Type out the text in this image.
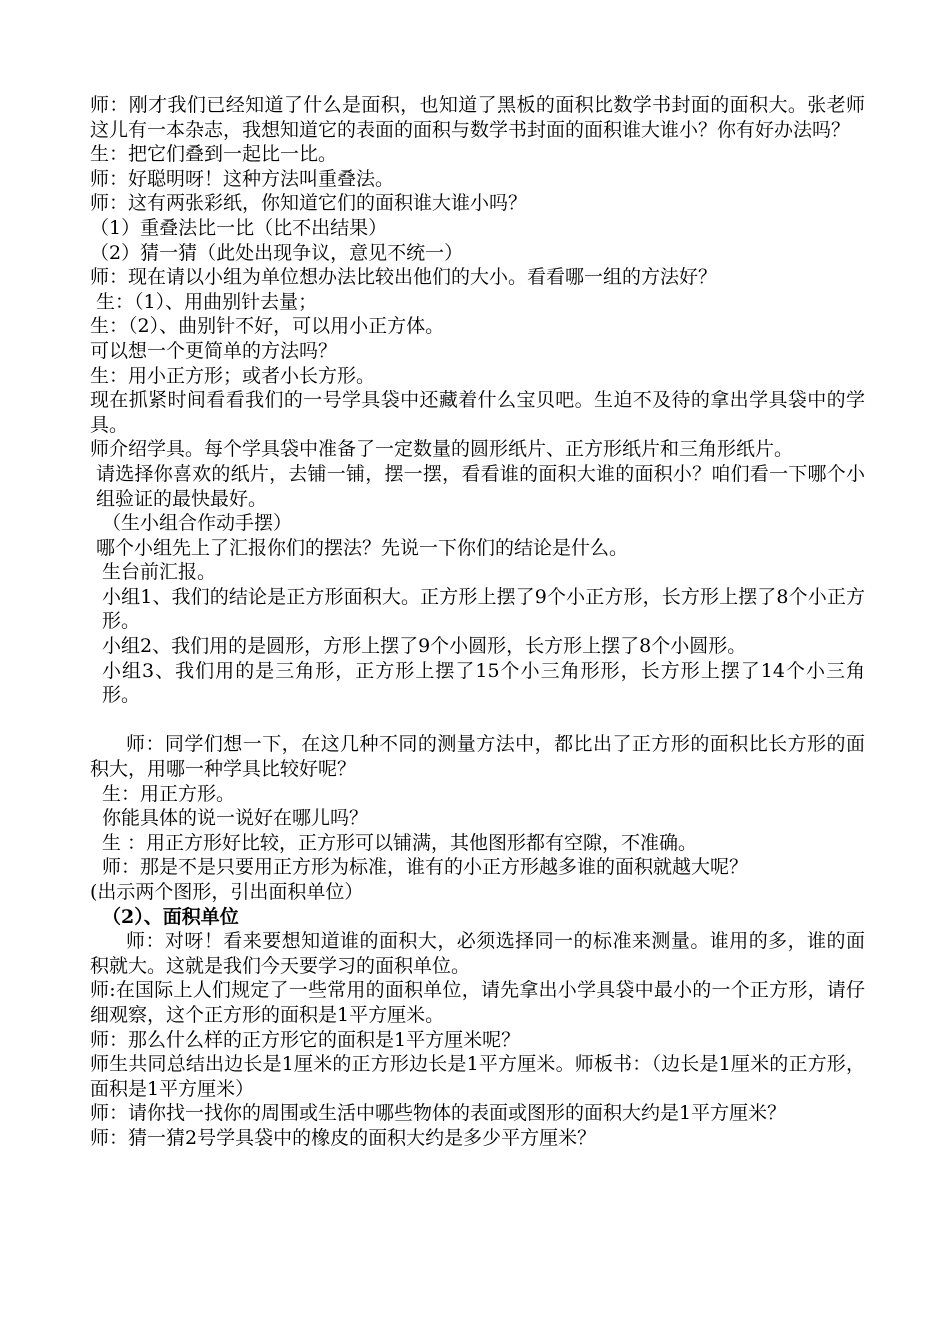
师：刚才我们已经知道了什么是面积，也知道了黑板的面积比数学书封面的面积大。张老师这儿有一本杂志，我想知道它的表面的面积与数学书封面的面积谁大谁小？你有好办法吗？

生：把它们叠到一起比一比。

师：好聪明呀！这种方法叫重叠法。

师：这有两张彩纸，你知道它们的面积谁大谁小吗？

（1）重叠法比一比（比不出结果）

（2）猜一猜（此处出现争议，意见不统一）

师：现在请以小组为单位想办法比较出他们的大小。看看哪一组的方法好？

生：（1）、用曲别针去量；

生：（2）、曲别针不好，可以用小正方体。

可以想一个更简单的方法吗？

生：用小正方形；或者小长方形。

现在抓紧时间看看我们的一号学具袋中还藏着什么宝贝吧。生迫不及待的拿出学具袋中的学具。

师介绍学具。每个学具袋中准备了一定数量的圆形纸片、正方形纸片和三角形纸片。

请选择你喜欢的纸片，去铺一铺，摆一摆，看看谁的面积大谁的面积小？咱们看一下哪个小组验证的最快最好。

（生小组合作动手摆）

哪个小组先上了汇报你们的摆法？先说一下你们的结论是什么。

生台前汇报。

小组1、我们的结论是正方形面积大。正方形上摆了9个小正方形，长方形上摆了8个小正方形。

小组2、我们用的是圆形，方形上摆了9个小圆形，长方形上摆了8个小圆形。

小组3、我们用的是三角形，正方形上摆了15个小三角形形，长方形上摆了14个小三角形。

师：同学们想一下，在这几种不同的测量方法中，都比出了正方形的面积比长方形的面积大，用哪一种学具比较好呢？

生：用正方形。

你能具体的说一说好在哪儿吗？

生 ：用正方形好比较，正方形可以铺满，其他图形都有空隙，不准确。

师：那是不是只要用正方形为标准，谁有的小正方形越多谁的面积就越大呢？

(出示两个图形，引出面积单位）

（2）、面积单位

师：对呀！看来要想知道谁的面积大，必须选择同一的标准来测量。谁用的多，谁的面积就大。这就是我们今天要学习的面积单位。

师:在国际上人们规定了一些常用的面积单位，请先拿出小学具袋中最小的一个正方形，请仔细观察，这个正方形的面积是1平方厘米。

师：那么什么样的正方形它的面积是1平方厘米呢？

师生共同总结出边长是1厘米的正方形边长是1平方厘米。师板书：（边长是1厘米的正方形，面积是1平方厘米）

师：请你找一找你的周围或生活中哪些物体的表面或图形的面积大约是1平方厘米？

师：猜一猜2号学具袋中的橡皮的面积大约是多少平方厘米？
